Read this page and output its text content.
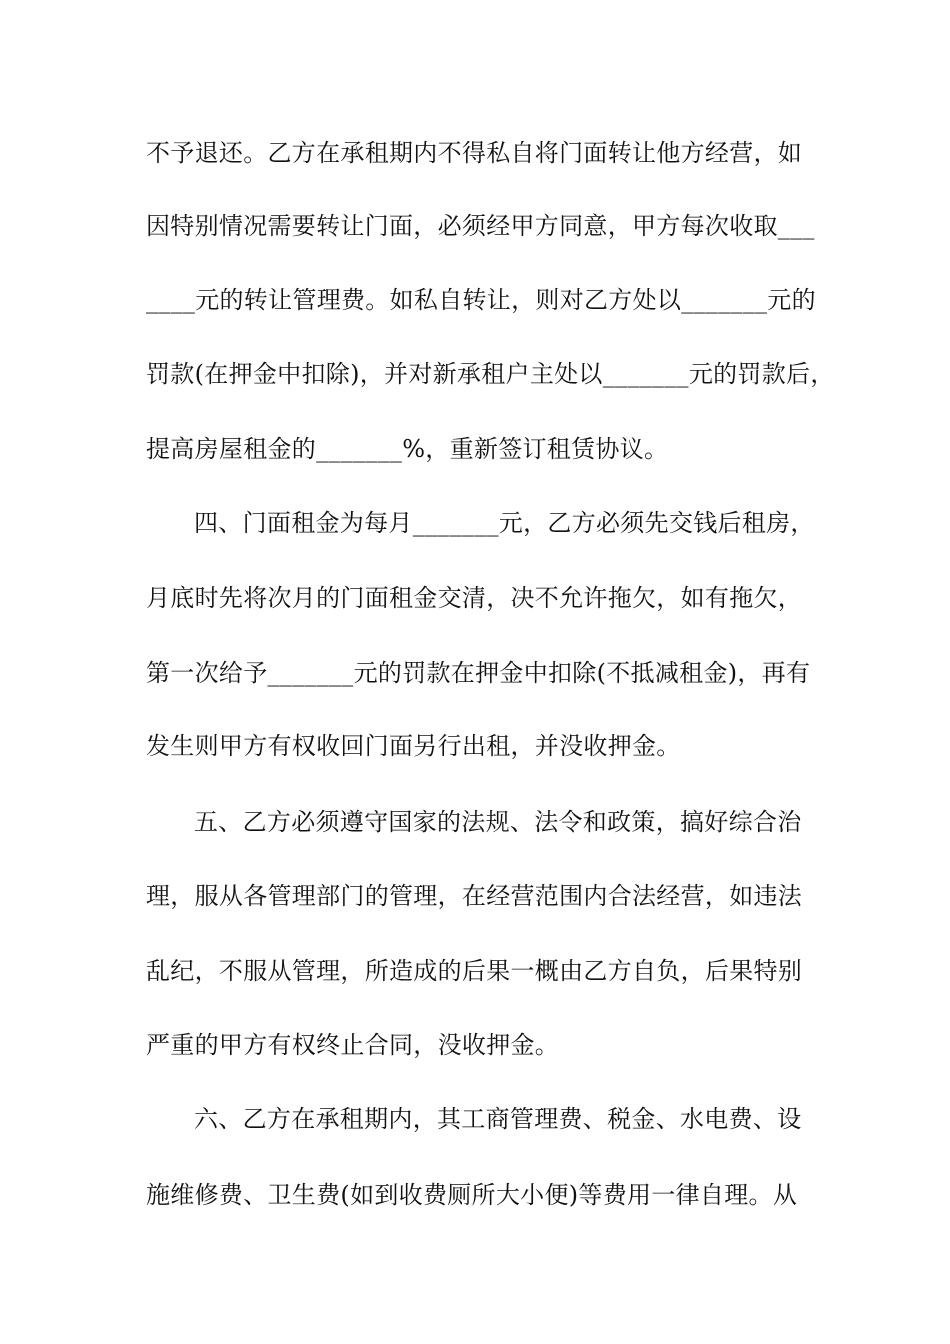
不予退还。乙方在承租期内不得私自将门面转让他方经营，如
因特别情况需要转让门面，必须经甲方同意，甲方每次收取___
____元的转让管理费。如私自转让，则对乙方处以_______元的
罚款(在押金中扣除)，并对新承租户主处以_______元的罚款后，
提高房屋租金的_______%，重新签订租赁协议。
四、门面租金为每月_______元，乙方必须先交钱后租房，
月底时先将次月的门面租金交清，决不允许拖欠，如有拖欠，
第一次给予_______元的罚款在押金中扣除(不抵减租金)，再有
发生则甲方有权收回门面另行出租，并没收押金。
五、乙方必须遵守国家的法规、法令和政策，搞好综合治
理，服从各管理部门的管理，在经营范围内合法经营，如违法
乱纪，不服从管理，所造成的后果一概由乙方自负，后果特别
严重的甲方有权终止合同，没收押金。
六、乙方在承租期内，其工商管理费、税金、水电费、设
施维修费、卫生费(如到收费厕所大小便)等费用一律自理。从
